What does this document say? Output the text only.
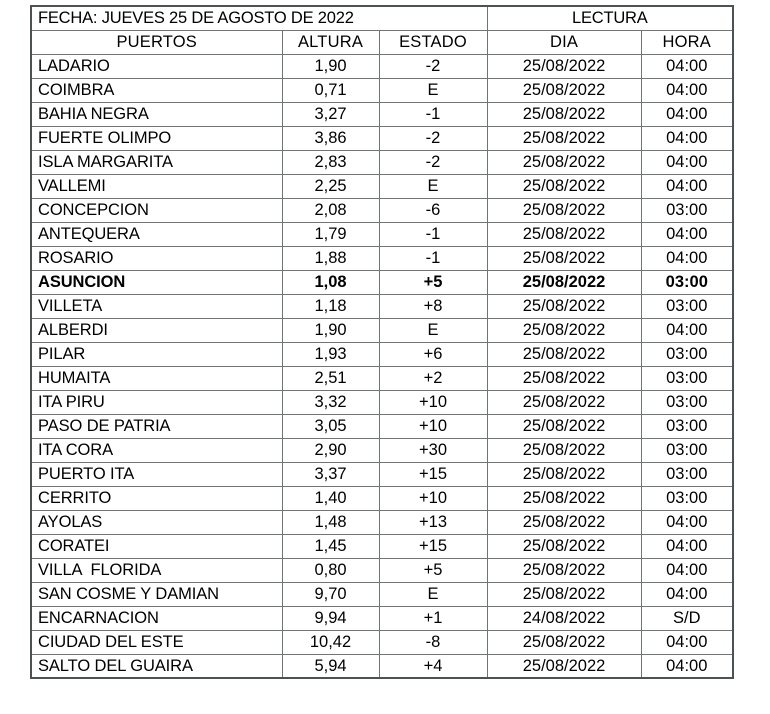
FECHA: JUEVES 25 DE AGOSTO DE 2022			LECTURA	
PUERTOS	ALTURA	ESTADO	DIA	HORA
LADARIO	1,90	-2	25/08/2022	04:00
COIMBRA	0,71	E	25/08/2022	04:00
BAHIA NEGRA	3,27	-1	25/08/2022	04:00
FUERTE OLIMPO	3,86	-2	25/08/2022	04:00
ISLA MARGARITA	2,83	-2	25/08/2022	04:00
VALLEMI	2,25	E	25/08/2022	04:00
CONCEPCION	2,08	-6	25/08/2022	03:00
ANTEQUERA	1,79	-1	25/08/2022	04:00
ROSARIO	1,88	-1	25/08/2022	04:00
ASUNCION	1,08	+5	25/08/2022	03:00
VILLETA	1,18	+8	25/08/2022	03:00
ALBERDI	1,90	E	25/08/2022	04:00
PILAR	1,93	+6	25/08/2022	03:00
HUMAITA	2,51	+2	25/08/2022	03:00
ITA PIRU	3,32	+10	25/08/2022	03:00
PASO DE PATRIA	3,05	+10	25/08/2022	03:00
ITA CORA	2,90	+30	25/08/2022	03:00
PUERTO ITA	3,37	+15	25/08/2022	03:00
CERRITO	1,40	+10	25/08/2022	03:00
AYOLAS	1,48	+13	25/08/2022	04:00
CORATEI	1,45	+15	25/08/2022	04:00
VILLA  FLORIDA	0,80	+5	25/08/2022	04:00
SAN COSME Y DAMIAN	9,70	E	25/08/2022	04:00
ENCARNACION	9,94	+1	24/08/2022	S/D
CIUDAD DEL ESTE	10,42	-8	25/08/2022	04:00
SALTO DEL GUAIRA	5,94	+4	25/08/2022	04:00
